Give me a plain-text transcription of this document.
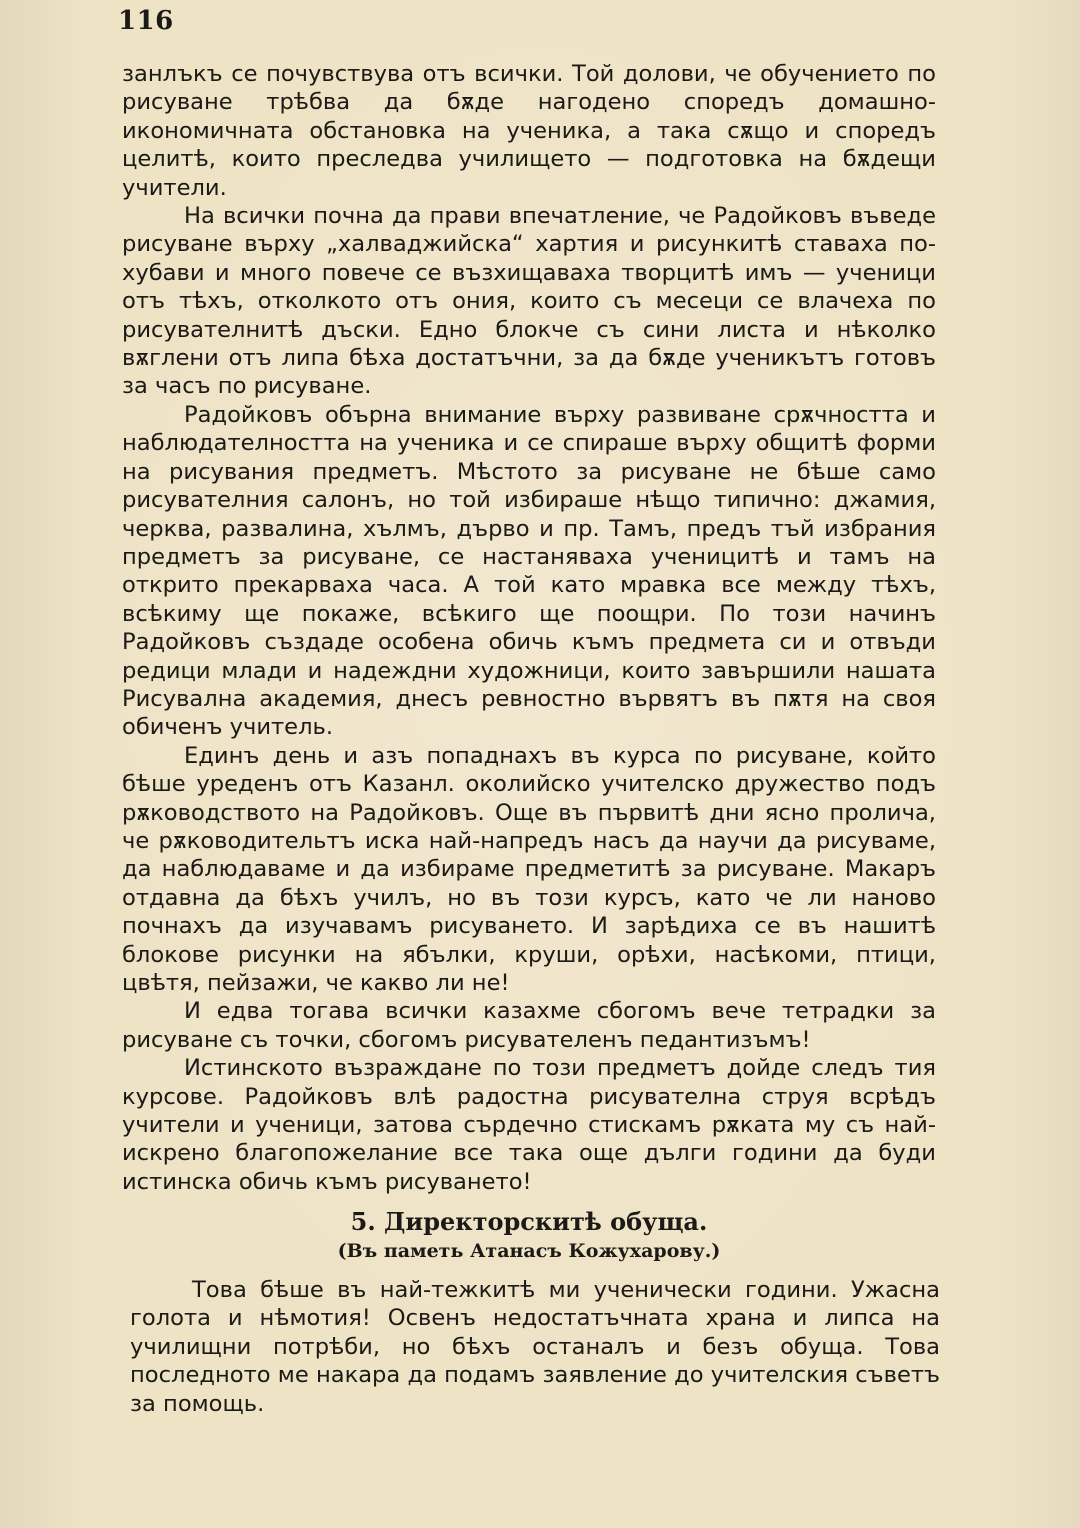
116

занлъкъ се почувствува отъ всички. Той долови, че обучението по рисуване трѣбва да бѫде нагодено споредъ домашно-икономичната обстановка на ученика, а така сѫщо и споредъ целитѣ, които преследва училището — подготовка на бѫдещи учители.

На всички почна да прави впечатление, че Радойковъ въведе рисуване върху „халваджийска“ хартия и рисункитѣ ставаха по-хубави и много повече се възхищаваха творцитѣ имъ — ученици отъ тѣхъ, отколкото отъ ония, които съ месеци се влачеха по рисувателнитѣ дъски. Едно блокче съ сини листа и нѣколко вѫглени отъ липа бѣха достатъчни, за да бѫде ученикътъ готовъ за часъ по рисуване.

Радойковъ обърна внимание върху развиване срѫчността и наблюдателността на ученика и се спираше върху общитѣ форми на рисувания предметъ. Мѣстото за рисуване не бѣше само рисувателния салонъ, но той избираше нѣщо типично: джамия, черква, развалина, хълмъ, дърво и пр. Тамъ, предъ тъй избрания предметъ за рисуване, се настаняваха ученицитѣ и тамъ на открито прекарваха часа. А той като мравка все между тѣхъ, всѣкиму ще покаже, всѣкиго ще поощри. По този начинъ Радойковъ създаде особена обичь къмъ предмета си и отвъди редици млади и надеждни художници, които завършили нашата Рисувална академия, днесъ ревностно вървятъ въ пѫтя на своя обиченъ учитель.

Единъ день и азъ попаднахъ въ курса по рисуване, който бѣше уреденъ отъ Казанл. околийско учителско дружество подъ рѫководството на Радойковъ. Още въ първитѣ дни ясно пролича, че рѫководительтъ иска най-напредъ насъ да научи да рисуваме, да наблюдаваме и да избираме предметитѣ за рисуване. Макаръ отдавна да бѣхъ училъ, но въ този курсъ, като че ли наново почнахъ да изучавамъ рисуването. И зарѣдиха се въ нашитѣ блокове рисунки на ябълки, круши, орѣхи, насѣкоми, птици, цвѣтя, пейзажи, че какво ли не!

И едва тогава всички казахме сбогомъ вече тетрадки за рисуване съ точки, сбогомъ рисувателенъ педантизъмъ!

Истинското възраждане по този предметъ дойде следъ тия курсове. Радойковъ влѣ радостна рисувателна струя всрѣдъ учители и ученици, затова сърдечно стискамъ рѫката му съ най-искрено благопожелание все така още дълги години да буди истинска обичь къмъ рисуването!

5. Директорскитѣ обуща.
(Въ паметь Атанасъ Кожухарову.)

Това бѣше въ най-тежкитѣ ми ученически години. Ужасна голота и нѣмотия! Освенъ недостатъчната храна и липса на училищни потрѣби, но бѣхъ останалъ и безъ обуща. Това последното ме накара да подамъ заявление до учителския съветъ за помощь.
